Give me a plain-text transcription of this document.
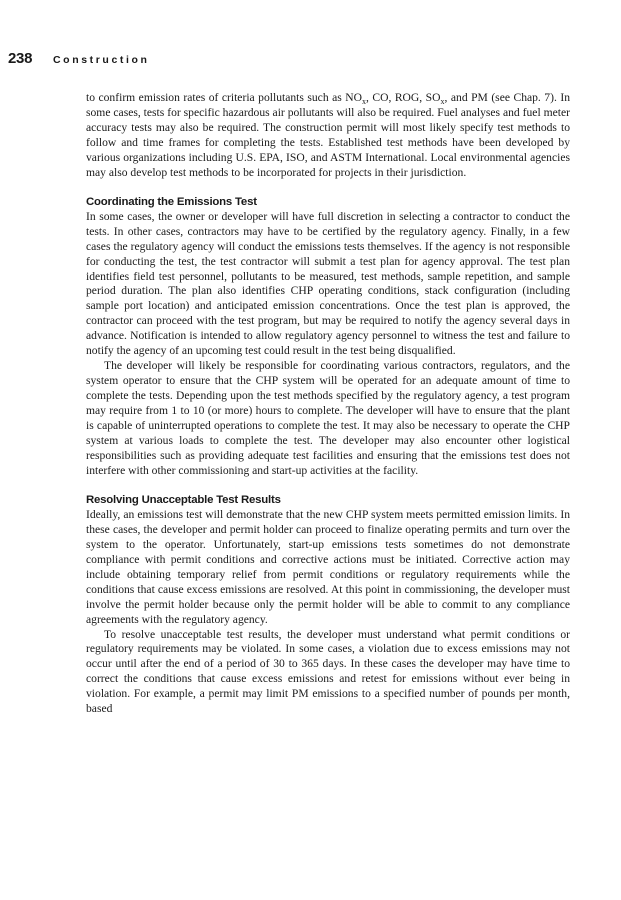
238	Construction

to confirm emission rates of criteria pollutants such as $NO_x$, CO, ROG, $SO_x$, and PM (see Chap. 7). In some cases, tests for specific hazardous air pollutants will also be required. Fuel analyses and fuel meter accuracy tests may also be required. The construction permit will most likely specify test methods to follow and time frames for completing the tests. Established test methods have been developed by various organizations including U.S. EPA, ISO, and ASTM International. Local environmental agencies may also develop test methods to be incorporated for projects in their jurisdiction.

Coordinating the Emissions Test

In some cases, the owner or developer will have full discretion in selecting a contractor to conduct the tests. In other cases, contractors may have to be certified by the regulatory agency. Finally, in a few cases the regulatory agency will conduct the emissions tests themselves. If the agency is not responsible for conducting the test, the test contractor will submit a test plan for agency approval. The test plan identifies field test personnel, pollutants to be measured, test methods, sample repetition, and sample period duration. The plan also identifies CHP operating conditions, stack configuration (including sample port location) and anticipated emission concentrations. Once the test plan is approved, the contractor can proceed with the test program, but may be required to notify the agency several days in advance. Notification is intended to allow regulatory agency personnel to witness the test and failure to notify the agency of an upcoming test could result in the test being disqualified.

The developer will likely be responsible for coordinating various contractors, regulators, and the system operator to ensure that the CHP system will be operated for an adequate amount of time to complete the tests. Depending upon the test methods specified by the regulatory agency, a test program may require from 1 to 10 (or more) hours to complete. The developer will have to ensure that the plant is capable of uninterrupted operations to complete the test. It may also be necessary to operate the CHP system at various loads to complete the test. The developer may also encounter other logistical responsibilities such as providing adequate test facilities and ensuring that the emissions test does not interfere with other commissioning and start-up activities at the facility.

Resolving Unacceptable Test Results

Ideally, an emissions test will demonstrate that the new CHP system meets permitted emission limits. In these cases, the developer and permit holder can proceed to finalize operating permits and turn over the system to the operator. Unfortunately, start-up emissions tests sometimes do not demonstrate compliance with permit conditions and corrective actions must be initiated. Corrective action may include obtaining temporary relief from permit conditions or regulatory requirements while the conditions that cause excess emissions are resolved. At this point in commissioning, the developer must involve the permit holder because only the permit holder will be able to commit to any compliance agreements with the regulatory agency.

To resolve unacceptable test results, the developer must understand what permit conditions or regulatory requirements may be violated. In some cases, a violation due to excess emissions may not occur until after the end of a period of 30 to 365 days. In these cases the developer may have time to correct the conditions that cause excess emissions and retest for emissions without ever being in violation. For example, a permit may limit PM emissions to a specified number of pounds per month, based
